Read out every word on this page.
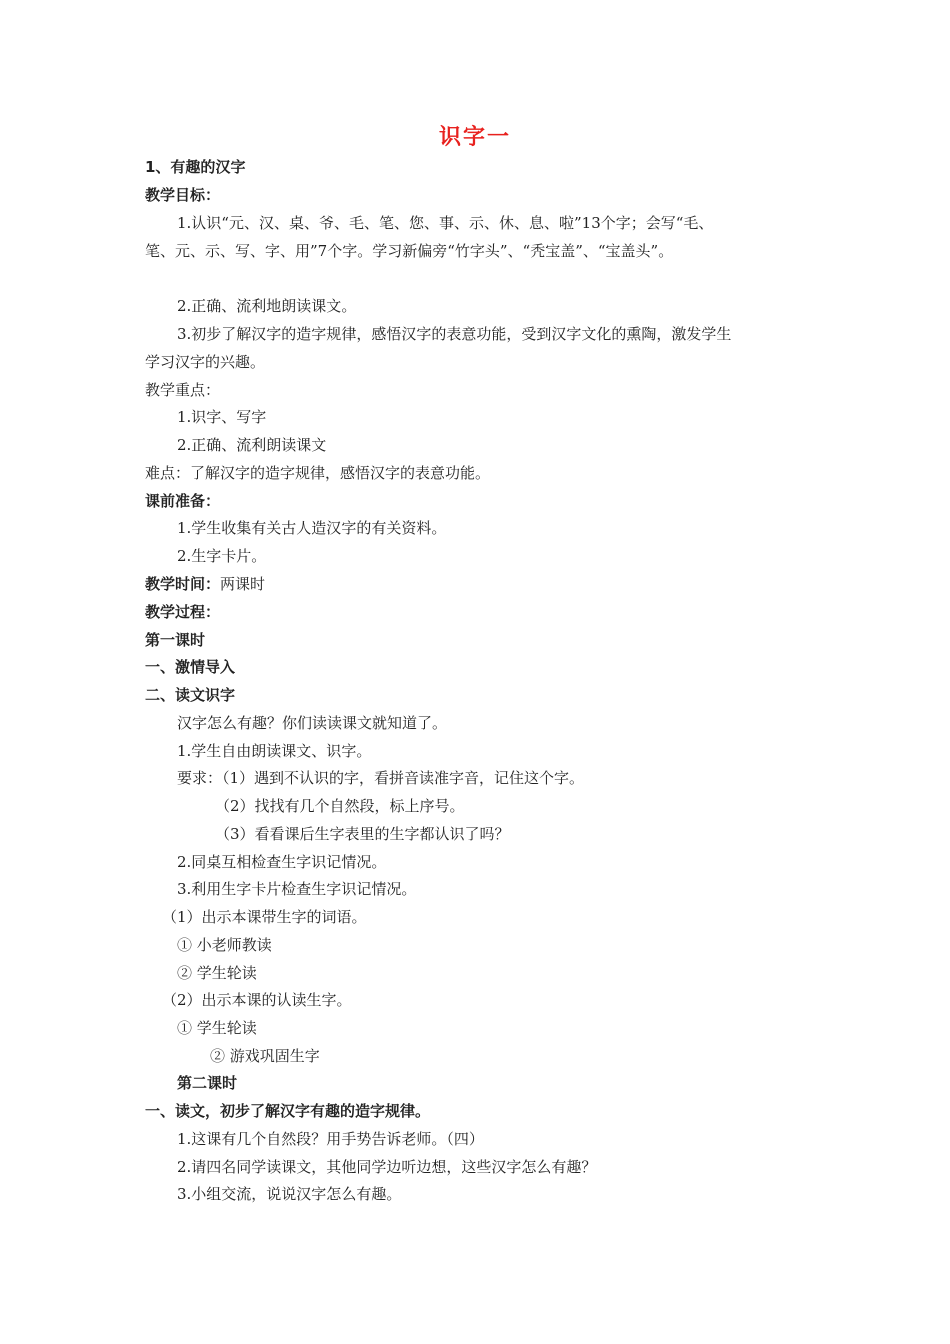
识字一
1、有趣的汉字
教学目标：
1.认识“元、汉、桌、爷、毛、笔、您、事、示、休、息、啦”13个字；会写“毛、
笔、元、示、写、字、用”7个字。学习新偏旁“竹字头”、“秃宝盖”、“宝盖头”。
2.正确、流利地朗读课文。
3.初步了解汉字的造字规律，感悟汉字的表意功能，受到汉字文化的熏陶，激发学生
学习汉字的兴趣。
教学重点：
1.识字、写字
2.正确、流利朗读课文
难点：了解汉字的造字规律，感悟汉字的表意功能。
课前准备：
1.学生收集有关古人造汉字的有关资料。
2.生字卡片。
教学时间：两课时
教学过程：
第一课时
一、激情导入
二、读文识字
汉字怎么有趣？你们读读课文就知道了。
1.学生自由朗读课文、识字。
要求：（1）遇到不认识的字，看拼音读准字音，记住这个字。
（2）找找有几个自然段，标上序号。
（3）看看课后生字表里的生字都认识了吗？
2.同桌互相检查生字识记情况。
3.利用生字卡片检查生字识记情况。
（1）出示本课带生字的词语。
① 小老师教读
② 学生轮读
（2）出示本课的认读生字。
① 学生轮读
② 游戏巩固生字
第二课时
一、读文，初步了解汉字有趣的造字规律。
1.这课有几个自然段？用手势告诉老师。（四）
2.请四名同学读课文，其他同学边听边想，这些汉字怎么有趣？
3.小组交流，说说汉字怎么有趣。
